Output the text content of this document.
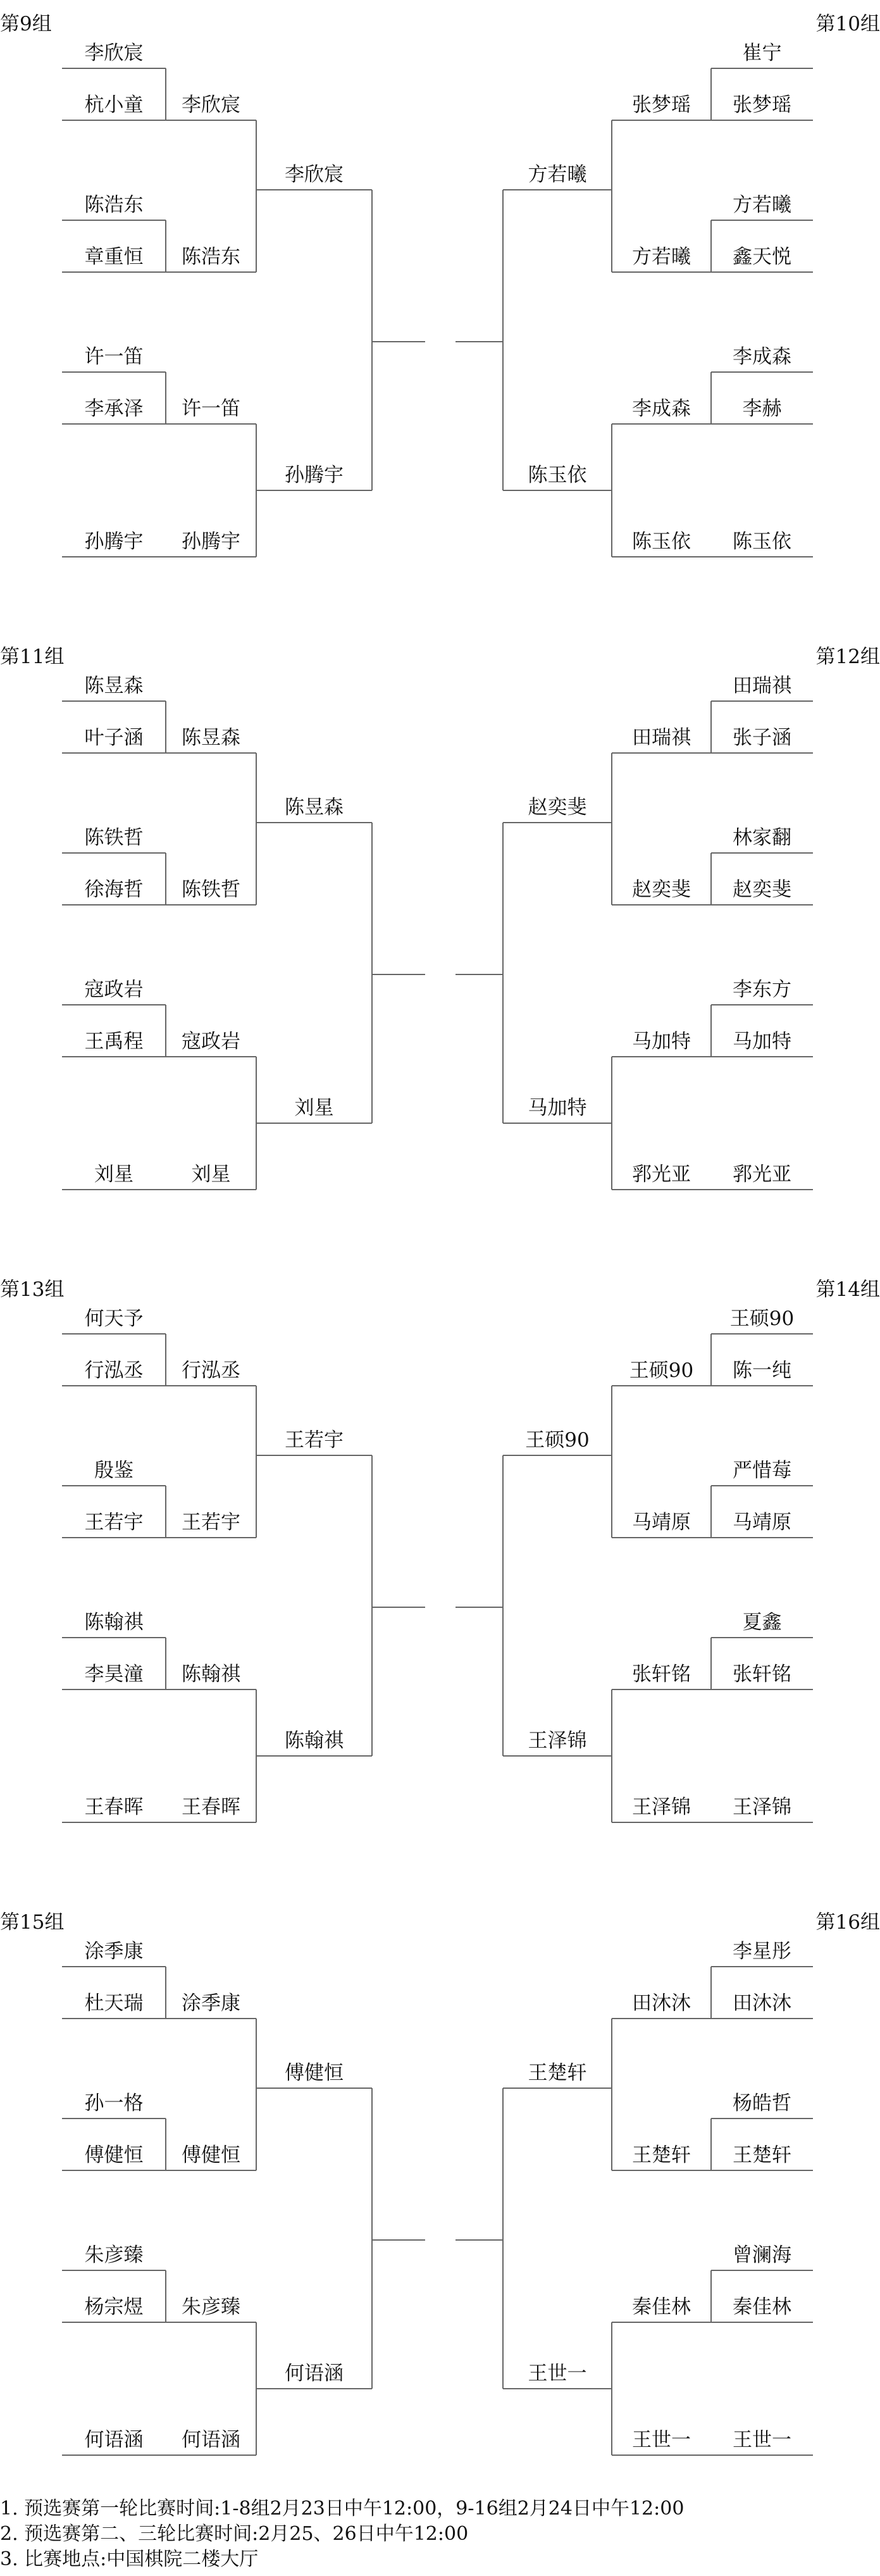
第9组
李欣宸
杭小童
陈浩东
章重恒
许一笛
李承泽
孙腾宇
李欣宸
陈浩东
许一笛
孙腾宇
李欣宸
孙腾宇
第10组
崔宁
张梦瑶
方若曦
鑫天悦
李成森
李赫
陈玉依
张梦瑶
方若曦
李成森
陈玉依
方若曦
陈玉依
第11组
陈昱森
叶子涵
陈铁哲
徐海哲
寇政岩
王禹程
刘星
陈昱森
陈铁哲
寇政岩
刘星
陈昱森
刘星
第12组
田瑞祺
张子涵
林家翻
赵奕斐
李东方
马加特
郛光亚
田瑞祺
赵奕斐
马加特
郛光亚
赵奕斐
马加特
第13组
何天予
行泓丞
殷鉴
王若宇
陈翰祺
李昊潼
王春晖
行泓丞
王若宇
陈翰祺
王春晖
王若宇
陈翰祺
第14组
王硕90
陈一纯
严惜莓
马靖原
夏鑫
张轩铭
王泽锦
王硕90
马靖原
张轩铭
王泽锦
王硕90
王泽锦
第15组
涂季康
杜天瑞
孙一格
傅健恒
朱彦臻
杨宗煜
何语涵
涂季康
傅健恒
朱彦臻
何语涵
傅健恒
何语涵
第16组
李星彤
田沐沐
杨皓哲
王楚轩
曾澜海
秦佳林
王世一
田沐沐
王楚轩
秦佳林
王世一
王楚轩
王世一
1. 预选赛第一轮比赛时间:1-8组2月23日中午12:00，9-16组2月24日中午12:00
2. 预选赛第二、三轮比赛时间:2月25、26日中午12:00
3. 比赛地点:中国棋院二楼大厅
